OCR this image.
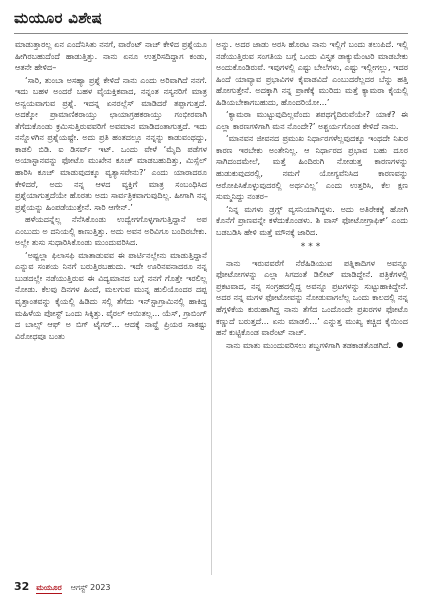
ಮಯೂರ ವಿಶೇಷ

ಮಾಡುತ್ತಾರಲ್ಲ ಏನ ಎಂದೆನಿಸಿತು ನನಗೆ, ವಾರೆಂಟ್ ನಾಚ್ ಕೇಳಿದ ಪ್ರಶ್ನೆಯೂ ಹೀಗಿರಬಹುದೆಂದೆ ಹಾಡುತ್ತಿತ್ತು. ನಾನು ಏನೂ ಉತ್ತರಿಸದಿದ್ದಾಗ ಕಂಡು, ಆತನೇ ಹೇಳಿದ–

‘ಸಾರಿ, ತುಂಬಾ ಅಸಹ್ಯಾ ಪ್ರಶ್ನೆ ಕೇಳಿದೆ ನಾನು ಎಂದು ಅರಿವಾಗಿದೆ ನನಗೆ. ಇದು ಬಹಳ ಅಂದರೆ ಬಹಳ ವೈಯಕ್ತಿಕವಾದ, ನನ್ನಂತ ನಸ್ಯನರಿಗೆ ಮಾತ್ರ ಅನ್ವಯವಾಗುವ ಪ್ರಶ್ನೆ. ಇದನ್ನ ಏನರಲ್ಲೆಸ್ ಮಾಡಿದರೆ ತಪ್ಪಾಗುತ್ತದೆ. ಅದಕ್ಕೋ ಪ್ರಾಮಾಣಿಕರಾಯ್ತು ಛಾಯಾಗ್ರಹಕರಾಯ್ತು ಗಂಭೀರವಾಗಿ ತೆಗೆದುಕೊಂಡು ಕ್ರಮಿಸುತ್ತಿರುವವರಿಗೆ ಅವಮಾನ ಮಾಡಿದಂತಾಗುತ್ತದೆ. ಇದು ನನ್ನೊಳಗಿನ ಪ್ರಶ್ನೆಯಷ್ಟೇ. ಅದು ಪ್ರತಿ ಹಂತದಲ್ಲೂ ನನ್ನನ್ನು ಕಾಡುವಂಥದ್ದು, ಕಾಡಲಿ ಬಿಡಿ. ಐ ಡಿಸರ್ವ್ ಇಟ್. ಒಂದು ವೇಳೆ ‘ಮೈದಿ ಪಡೆಗಳ ಅಯಾಸ್ಟಾನವನ್ನು ಫೋಟೊ ಮುಖೇನ ಕೂಚ್ ಮಾಡಬಹುದಿತ್ತು, ಮಿಸ್ಸೆಲ್ ಹಾರಿಸಿ ಕೂಚ್ ಮಾಡುವುದಕ್ಕೂ ವ್ಯತ್ಯಾಸವೇನು?’ ಎಂದು ಯಾರಾದರೂ ಕೇಳಿದರೆ, ಅದು ನನ್ನ ಆಳದ ವ್ಯಕ್ತಿಗೆ ಮಾತ್ರ ಸಂಬಂಧಿಸಿದ ಪ್ರಶ್ನೆಯಾಗುತ್ತದೆಯೇ ಹೊರತು ಅದು ಸಾರ್ವತ್ರಿಕವಾಗುವುದಿಲ್ಲ. ಹೀಗಾಗಿ ನನ್ನ ಪ್ರಶ್ನೆಯನ್ನು ಹಿಂಪಡೆಯುತ್ತೇನೆ. ಸಾರಿ ಆಗೇನ್.’

ಹಳೆಯದನ್ನೆಲ್ಲ ನೆನೆಸಿಕೊಂಡು ಉದ್ವೇಗಗೊಳ್ಳಗಾಗುತ್ತಿದ್ದಾನೆ ಅಪ ಎಂಬುದು ಅ ದನಿಯಲ್ಲಿ ಕಾಣುತ್ತಿತ್ತು. ಅದು ಅವನ ಅರಿವಿಗೂ ಬಂದಿರಬೇಕು. ಅಲ್ಲೇ ತುಸು ಸುಧಾರಿಸಿಕೊಂಡು ಮುಂದುವರಿಸಿದ.

‘ಅಷ್ಟಲ್ಲಾ ಫಿಲಾಸಫಿ ಮಾತಾಡುವವ ಈ ಪಾರ್ಟಿನಲ್ಲೇನು ಮಾಡುತ್ತಿದ್ದಾನೆ ಎನ್ನುವ ಸಂಶಯ ನಿನಗೆ ಬರುತ್ತಿರಬಹುದು. ಇದೇ ಊರಿನವನಾದರೂ ನನ್ನ ಬುಡದಲ್ಲೇ ನಡೆಯುತ್ತಿರುವ ಈ ವಿದ್ಯಮಾನದ ಬಗ್ಗೆ ನನಗೆ ಗೊತ್ತೇ ಇರಲಿಲ್ಲ ನೋಡು. ಕೆಲವು ದಿನಗಳ ಹಿಂದೆ, ಮಲಗುವ ಮುನ್ನ ಹುಲಿಯೊಂದರ ದಪ್ಪ ವೃತ್ತಾಂತವನ್ನು ಕೈಯಲ್ಲಿ ಹಿಡಿದು ಸಲ್ಲಿ ತೆಗೆದು ಇನ್‌ಸ್ಟಾಗ್ರಾಮಿನಲ್ಲಿ ಹಾಕಿದ್ದ ಮಹಿಳೆಯ ಪೋಸ್ಟ್ ಒಂದು ಸಿಕ್ಕಿತ್ತು. ವೈರಲ್ ಆಯಿತಲ್ಲ... ಯೆಸ್, ಗ್ರಾಬಿಂಗ್ ದ ಬಾಲ್ಸ್ ಆಫ್ ಅ ಬಿಗ್ ಟೈಗರ್... ಆದಕ್ಕೆ ನಾವ್ಹೆ ಪ್ರಿಯರ ಸಾಕಷ್ಟು ವಿರೋಧವೂ ಬಂತು

ಅನ್ನು. ಅದರ ಜಾಡು ಅರಸಿ ಹೊರಟ ನಾನು ಇಲ್ಲಿಗೆ ಬಂದು ತಲುಪಿದೆ. ಇಲ್ಲಿ ನಡೆಯುತ್ತಿರುವ ಸಂಗತಿಯ ಬಗ್ಗೆ ಒಂದು ವಿಸ್ತೃತ ಡಾಕ್ಯುಮೆಂಟರಿ ಮಾಡಬೇಕು ಅಂದುಕೊಂಡಿರುವೆ. ಇವುಗಳಲ್ಲಿ ಎಷ್ಟು ಬೇಲೆಗಳು, ಎಷ್ಟು ಇಲ್ಲೀಗಲ್ಲು, ಇದರ ಹಿಂದೆ ಯಾವ್ಯಾವ ಪ್ರಭಾವಿಗಳ ಕೈವಾಡವಿದೆ ಎಂಬುದರೆಲ್ಲದರ ಬೆನ್ನು ಹತ್ತಿ ಹೋಗುತ್ತೇನೆ. ಅದಕ್ಕಾಗಿ ನನ್ನ ಪ್ರಾಣೆಕ್ಕೆ ಮುರಿದು ಮತ್ತೆ ಕ್ಯಾಮರಾ ಕೈಯಲ್ಲಿ ಹಿಡಿಯಬೇಕಾಗಬಹುದು, ಹೊಂದರಿಯೋ...’

‘ಕ್ಯಾಮರಾ ಮುಟ್ಟುವುದಿಲ್ಲವೆಂದು ಶಪಥಗೈದಿರುವೆಯೇ? ಯಾಕೆ? ಈ ಎಲ್ಲಾ ಕಾರಣಗಳಿಗಾಗಿ ಮನ ನೊಂದೇ?’ ಅಶ್ಚರ್ಯಗೊಂಡ ಕೇಳಿದೆ ನಾನು.

‘ಮಾನವನ ಜೀವನದ ಪ್ರಮುಖ ನಿರ್ಧಾರಗಳೆಲ್ಲವುದಕ್ಕೂ ಇಂಥದೇ ನಿಖರ ಕಾರಣ ಇರಬೇಕು ಅಂತೇನಿಲ್ಲ. ಆ ನಿರ್ಧಾರದ ಪ್ರಭಾವ ಬಹು ದೂರ ಸಾಗಿದಂದಮೇಲೆ, ಮತ್ತೆ ಹಿಂದಿರುಗಿ ನೋಡುತ್ತ ಕಾರಣಗಳನ್ನು ಹುಡುಕುವುದರಲ್ಲಿ, ನಮಗೆ ಯೋಗ್ಯವೆನಿಸಿದ ಕಾರಣವನ್ನು ಆರೋಪಿಸಿಕೊಳ್ಳುವುದರಲ್ಲಿ ಅರ್ಥವಿಲ್ಲ’ ಎಂದು ಉತ್ತರಿಸಿ, ಕೆಲ ಕ್ಷಣ ಸುಮ್ಮನಿದ್ದು ನಂತರ–

‘ನಿನ್ನ ಮಗಳು ಡ್ರಗ್ಸ್ ವ್ಯಸನಿಯಾಗಿದ್ದಳು. ಅದು ಅತಿರೇಕಕ್ಕೆ ಹೋಗಿ ಕೊನೆಗೆ ಪ್ರಾಣವನ್ನೇ ಕಳೆದುಕೊಂಡಳು. ಶಿ ವಾಸ್ ಫೋಟೋಗ್ರಾಫಿಕ್’ ಎಂದು ಬಡಬಡಿಸಿ ಹೇಳಿ ಮತ್ತೆ ಮೌನಕ್ಕೆ ಜಾರಿದ.

***

ನಾನು ಇರುವವರೆಗೆ ನೆರೆಹಿಡಿಯುವ ಪತ್ನಿಕಾದಿಗಳ ಅವನ್ನೂ ಫೋಟೋಗಳನ್ನು ಎಲ್ಲಾ ಸಿಗದಂತೆ ಡಿಲೀಟ್ ಮಾಡಿದ್ದೇನೆ. ಪತ್ರಿಕೆಗಳಲ್ಲಿ ಪ್ರಕಟವಾದ, ನನ್ನ ಸಂಗ್ರಹದಲ್ಲಿದ್ದ ಅವನ್ನೂ ಪ್ರಟಗಳನ್ನು ಸುಟ್ಟುಹಾಕಿದ್ದೇನೆ. ಅದರ ನನ್ನ ಮಗಳ ಫೋಟೋವನ್ನು ನೋಡುವಾಗಲೆಲ್ಲ ಒಂದು ಕಾಲದಲ್ಲಿ ನನ್ನ ಹೆಗ್ಗಳಿಕೆಯ ಕುರುಹಾಗಿದ್ದ ನಾನು ತೆಗೆದ ಒಂದೊಂದೇ ಪ್ರಖರಗಳ ಫೋಟೊ ಕಣ್ಣುದೆ ಬರುತ್ತದೆ... ಏನು ಮಾಡಲಿ...’ ಎನ್ನುತ್ತ ಮುಖ್ಯ ಕಚ್ಚಿದ ಕೈಯಿಂದ ಹನೆ ಕುಟ್ಟಿಕೊಂಡ ವಾರೆಂಟ್ ನಾಚ್.

ನಾನು ಮಾತು ಮುಂದುವರಿಸಲು ಶಬ್ದಗಳಿಗಾಗಿ ತಡಕಾಡತೊಡಗಿದೆ.

32 ಮಯೂರ ಆಗಸ್ಟ್ 2023
